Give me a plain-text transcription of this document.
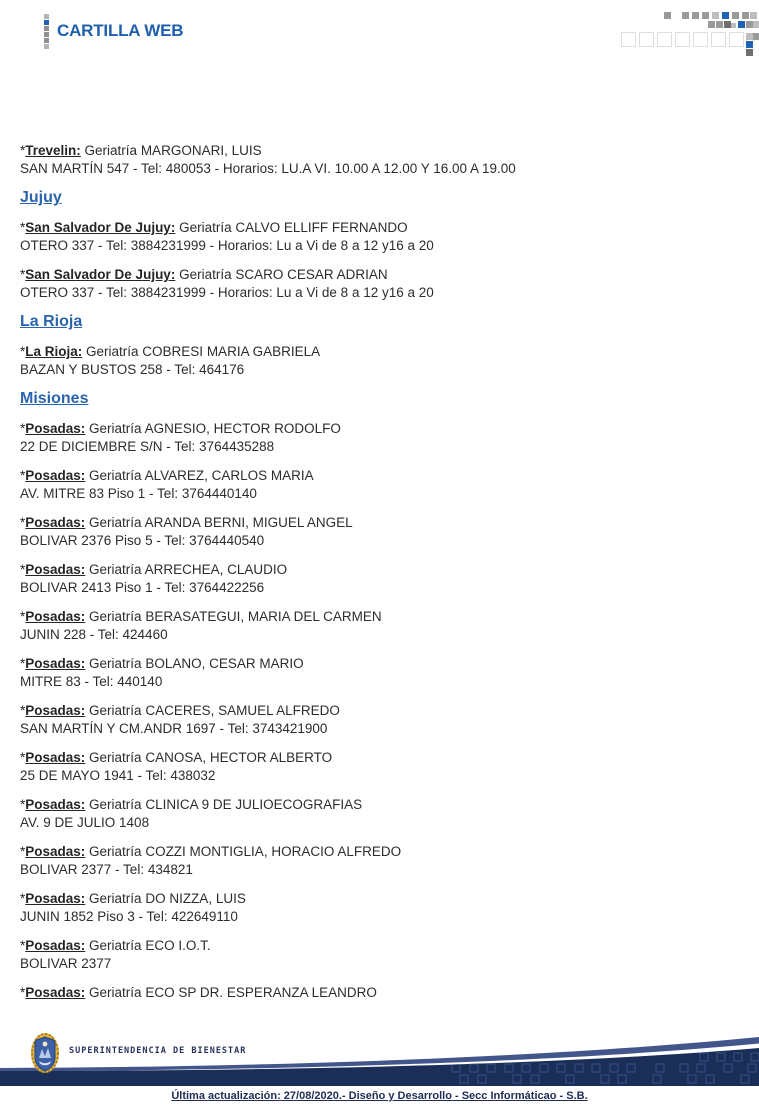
CARTILLA WEB
*Trevelin: Geriatría MARGONARI, LUIS
SAN MARTÍN 547 - Tel: 480053 - Horarios: LU.A VI. 10.00 A 12.00 Y 16.00 A 19.00
Jujuy
*San Salvador De Jujuy: Geriatría CALVO ELLIFF FERNANDO
OTERO 337 - Tel: 3884231999 - Horarios: Lu a Vi de 8 a 12 y16 a 20
*San Salvador De Jujuy: Geriatría SCARO CESAR ADRIAN
OTERO 337 - Tel: 3884231999 - Horarios: Lu a Vi de 8 a 12 y16 a 20
La Rioja
*La Rioja: Geriatría COBRESI MARIA GABRIELA
BAZAN Y BUSTOS 258 - Tel: 464176
Misiones
*Posadas: Geriatría AGNESIO, HECTOR RODOLFO
22 DE DICIEMBRE S/N - Tel: 3764435288
*Posadas: Geriatría ALVAREZ, CARLOS MARIA
AV. MITRE 83 Piso 1 - Tel: 3764440140
*Posadas: Geriatría ARANDA BERNI, MIGUEL ANGEL
BOLIVAR 2376 Piso 5 - Tel: 3764440540
*Posadas: Geriatría ARRECHEA, CLAUDIO
BOLIVAR 2413 Piso 1 - Tel: 3764422256
*Posadas: Geriatría BERASATEGUI, MARIA DEL CARMEN
JUNIN 228 - Tel: 424460
*Posadas: Geriatría BOLANO, CESAR MARIO
MITRE 83 - Tel: 440140
*Posadas: Geriatría CACERES, SAMUEL ALFREDO
SAN MARTÍN Y CM.ANDR 1697 - Tel: 3743421900
*Posadas: Geriatría CANOSA, HECTOR ALBERTO
25 DE MAYO 1941 - Tel: 438032
*Posadas: Geriatría CLINICA 9 DE JULIOECOGRAFIAS
AV. 9 DE JULIO 1408
*Posadas: Geriatría COZZI MONTIGLIA, HORACIO ALFREDO
BOLIVAR 2377 - Tel: 434821
*Posadas: Geriatría DO NIZZA, LUIS
JUNIN 1852 Piso 3 - Tel: 422649110
*Posadas: Geriatría ECO I.O.T.
BOLIVAR 2377
*Posadas: Geriatría ECO SP DR. ESPERANZA LEANDRO
SUPERINTENDENCIA DE BIENESTAR
Última actualización: 27/08/2020.- Diseño y Desarrollo - Secc Informáticao - S.B.
